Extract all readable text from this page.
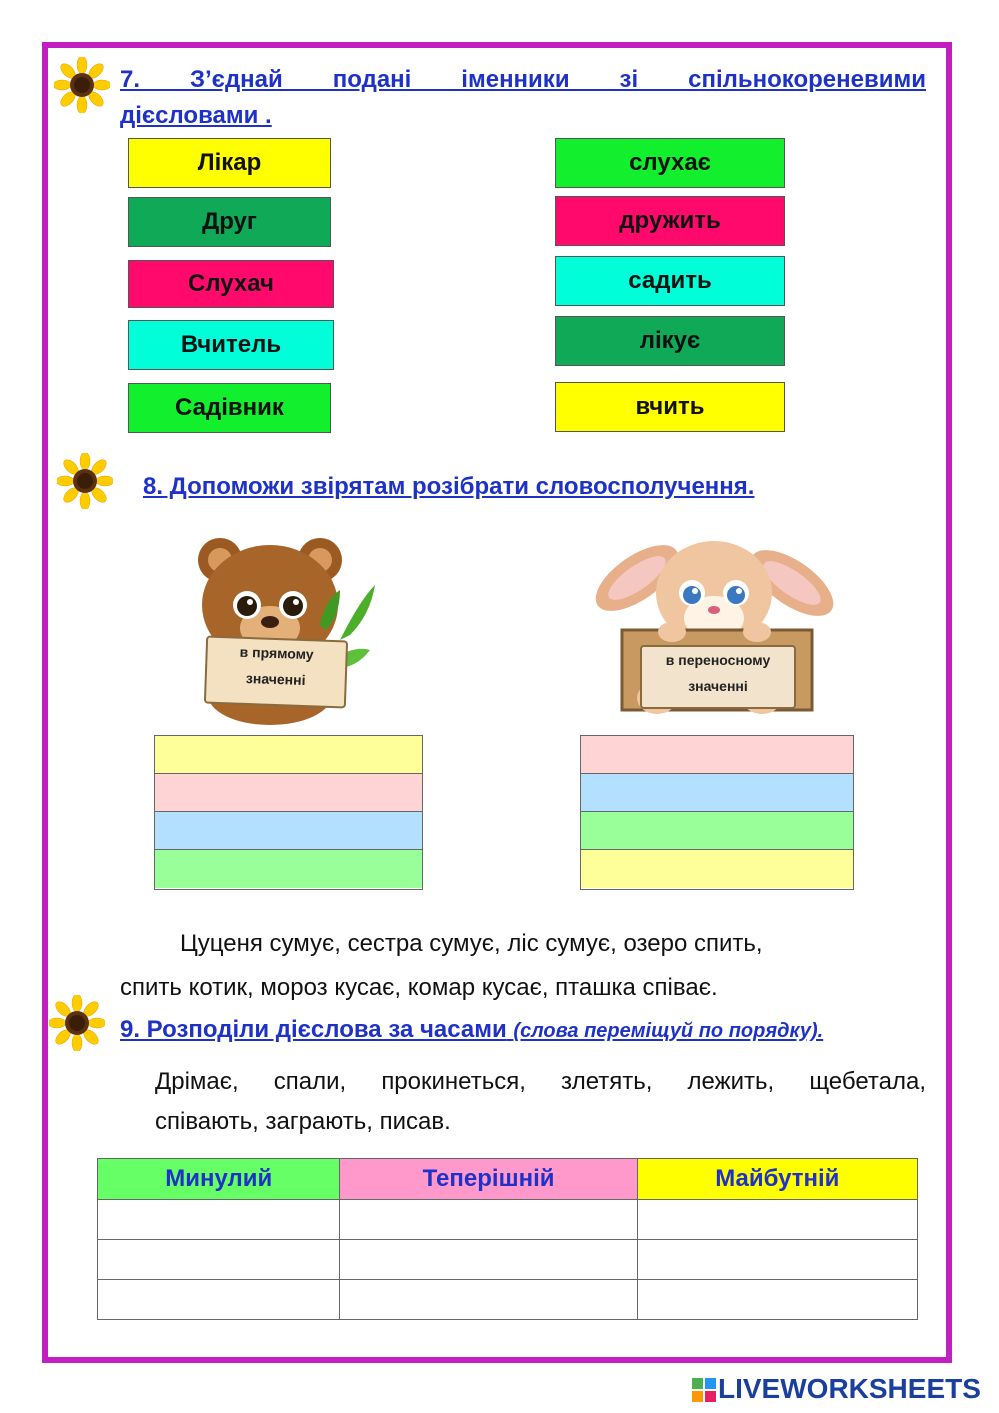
7. З’єднай подані іменники зі спільнокореневими
дієсловами .
Лікар
Друг
Слухач
Вчитель
Садівник
слухає
дружить
садить
лікує
вчить
8. Допоможи звірятам розібрати словосполучення.
в прямому
значенні
в переносному
значенні
Цуценя сумує, сестра сумує, ліс сумує, озеро спить,
спить котик, мороз кусає, комар кусає, пташка співає.
9. Розподіли дієслова за часами (слова переміщуй по порядку).
Дрімає, спали, прокинеться, злетять, лежить, щебетала,
співають, заграють, писав.
Минулий	Теперішній	Майбутній

LIVEWORKSHEETS
